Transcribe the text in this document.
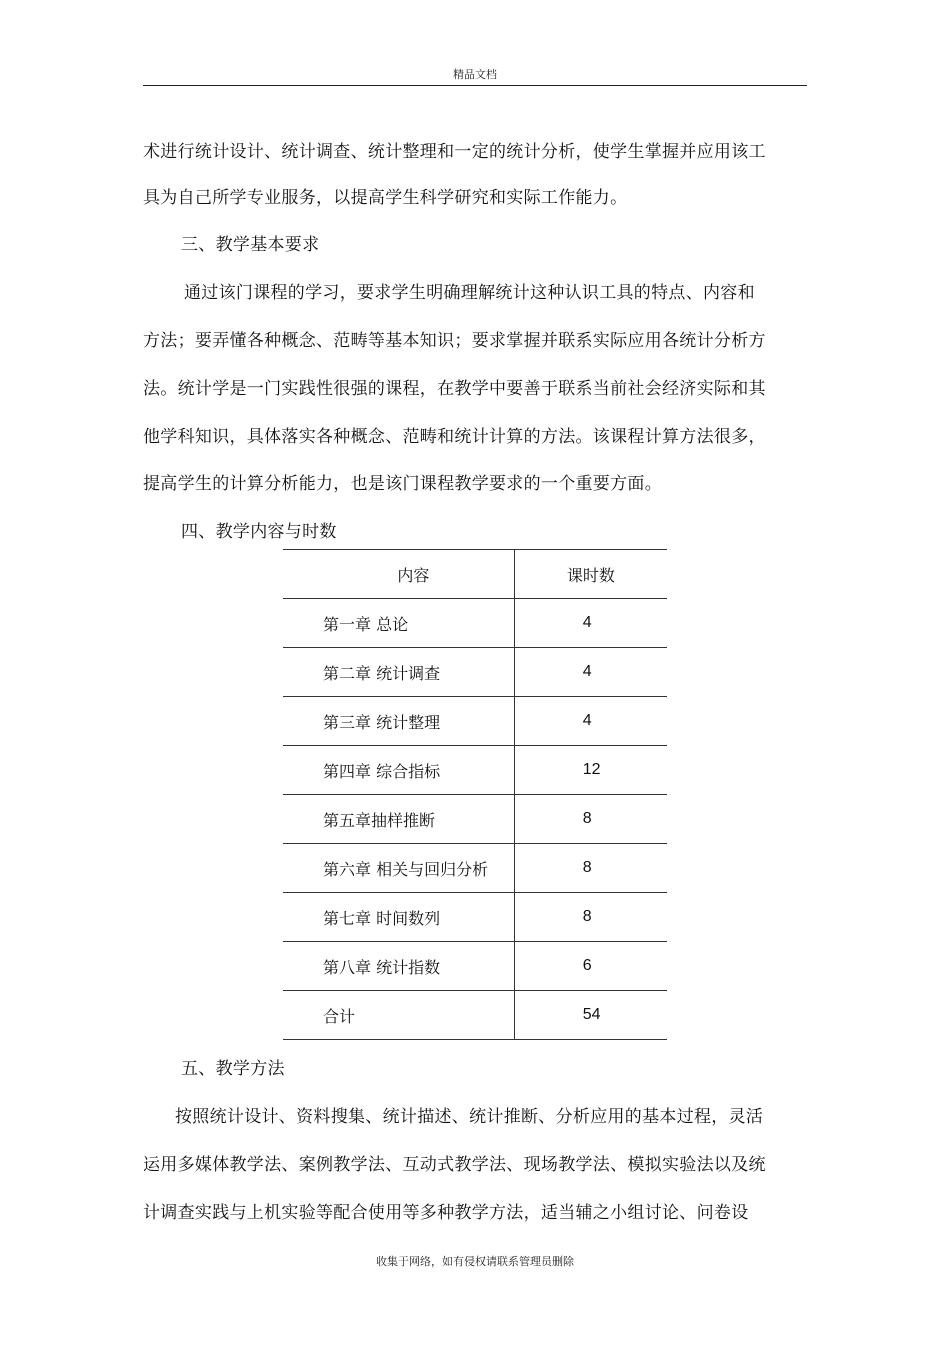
精品文档
术进行统计设计、统计调查、统计整理和一定的统计分析，使学生掌握并应用该工
具为自己所学专业服务，以提高学生科学研究和实际工作能力。
三、教学基本要求
通过该门课程的学习，要求学生明确理解统计这种认识工具的特点、内容和
方法；要弄懂各种概念、范畴等基本知识；要求掌握并联系实际应用各统计分析方
法。统计学是一门实践性很强的课程，在教学中要善于联系当前社会经济实际和其
他学科知识，具体落实各种概念、范畴和统计计算的方法。该课程计算方法很多，
提高学生的计算分析能力，也是该门课程教学要求的一个重要方面。
四、教学内容与时数
内容	课时数
第一章 总论	4
第二章 统计调查	4
第三章 统计整理	4
第四章 综合指标	12
第五章抽样推断	8
第六章 相关与回归分析	8
第七章 时间数列	8
第八章 统计指数	6
合计	54
五、教学方法
按照统计设计、资料搜集、统计描述、统计推断、分析应用的基本过程，灵活
运用多媒体教学法、案例教学法、互动式教学法、现场教学法、模拟实验法以及统
计调查实践与上机实验等配合使用等多种教学方法，适当辅之小组讨论、问卷设
收集于网络，如有侵权请联系管理员删除
